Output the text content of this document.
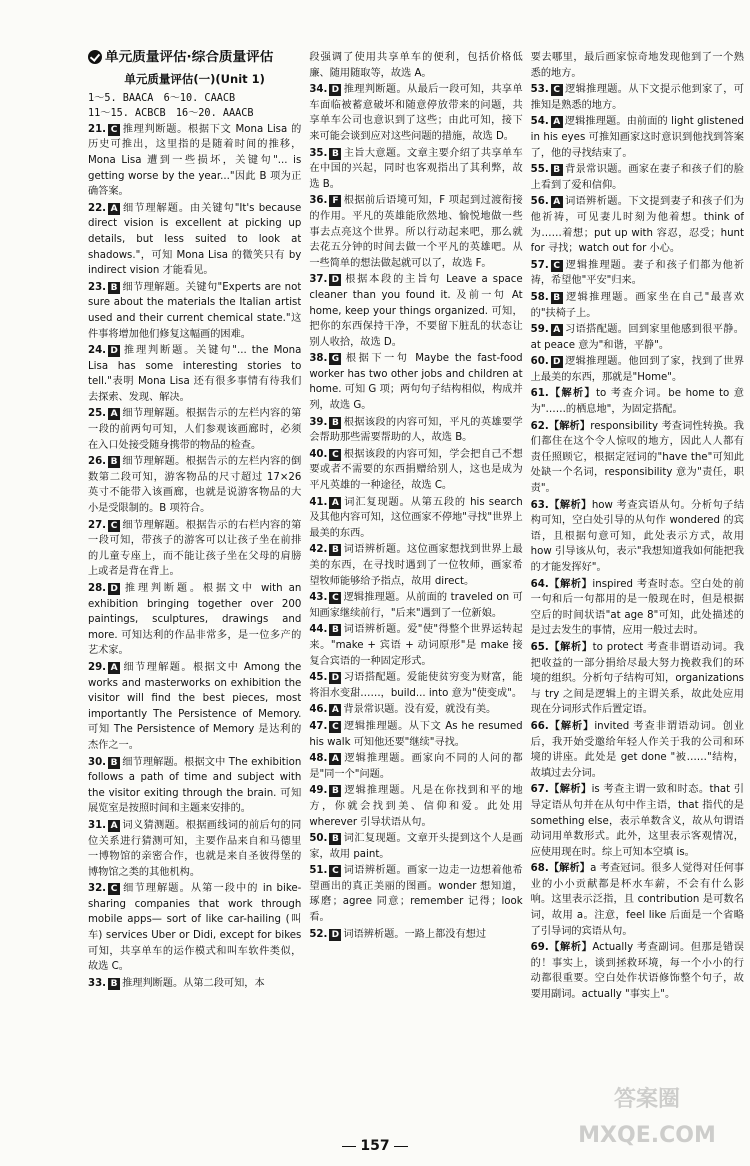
单元质量评估·综合质量评估
单元质量评估(一)(Unit 1)
1～5. BAACA　6～10. CAACB
11～15. ACBCB　16～20. AAACB

21. C 推理判断题。根据下文 Mona Lisa 的历史可推出，这里指的是随着时间的推移，Mona Lisa 遭到一些损坏，关键句"... is getting worse by the year..."因此 B 项为正确答案。

22. A 细节理解题。由关键句"It's because direct vision is excellent at picking up details, but less suited to look at shadows."，可知 Mona Lisa 的微笑只有 by indirect vision 才能看见。

23. B 细节理解题。关键句"Experts are not sure about the materials the Italian artist used and their current chemical state."这件事将增加他们修复这幅画的困难。

24. D 推理判断题。关键句"... the Mona Lisa has some interesting stories to tell."表明 Mona Lisa 还有很多事情有待我们去探索、发现、解决。

25. A 细节理解题。根据告示的左栏内容的第一段的前两句可知，人们参观该画廊时，必须在入口处接受随身携带的物品的检查。

26. B 细节理解题。根据告示的左栏内容的倒数第二段可知，游客物品的尺寸超过 17×26 英寸不能带入该画廊，也就是说游客物品的大小是受限制的。B 项符合。

27. C 细节理解题。根据告示的右栏内容的第一段可知，带孩子的游客可以让孩子坐在前排的儿童专座上，而不能让孩子坐在父母的肩膀上或者是背在背上。

28. D 推理判断题。根据文中 with an exhibition bringing together over 200 paintings, sculptures, drawings and more. 可知达利的作品非常多，是一位多产的艺术家。

29. A 细节理解题。根据文中 Among the works and masterworks on exhibition the visitor will find the best pieces, most importantly The Persistence of Memory. 可知 The Persistence of Memory 是达利的杰作之一。

30. B 细节理解题。根据文中 The exhibition follows a path of time and subject with the visitor exiting through the brain. 可知展览室是按照时间和主题来安排的。

31. A 词义猜测题。根据画线词的前后句的同位关系进行猜测可知，主要作品来自和马德里一博物馆的亲密合作，也就是来自圣彼得堡的博物馆之类的其他机构。

32. C 细节理解题。从第一段中的 in bike-sharing companies that work through mobile apps— sort of like car-hailing (叫车) services Uber or Didi, except for bikes 可知，共享单车的运作模式和叫车软件类似，故选 C。

33. B 推理判断题。从第二段可知，本

段强调了使用共享单车的便利，包括价格低廉、随用随取等，故选 A。

34. D 推理判断题。从最后一段可知，共享单车面临被蓄意破坏和随意停放带来的问题，共享单车公司也意识到了这些；由此可知，接下来可能会谈到应对这些问题的措施，故选 D。

35. B 主旨大意题。文章主要介绍了共享单车在中国的兴起，同时也客观指出了其利弊，故选 B。

36. F 根据前后语境可知，F 项起到过渡衔接的作用。平凡的英雄能欣然地、愉悦地做一些事去点亮这个世界。所以行动起来吧，那么就去花五分钟的时间去做一个平凡的英雄吧。从一些简单的想法做起就可以了，故选 F。

37. D 根据本段的主旨句 Leave a space cleaner than you found it. 及前一句 At home, keep your things organized. 可知，把你的东西保持干净，不要留下脏乱的状态让别人收拾，故选 D。

38. G 根据下一句 Maybe the fast-food worker has two other jobs and children at home. 可知 G 项；两句句子结构相似，构成并列，故选 G。

39. B 根据该段的内容可知，平凡的英雄要学会帮助那些需要帮助的人，故选 B。

40. C 根据该段的内容可知，学会把自己不想要或者不需要的东西捐赠给别人，这也是成为平凡英雄的一种途径，故选 C。

41. A 词汇复现题。从第五段的 his search 及其他内容可知，这位画家不停地"寻找"世界上最美的东西。

42. B 词语辨析题。这位画家想找到世界上最美的东西，在寻找时遇到了一位牧师，画家希望牧师能够给予指点，故用 direct。

43. C 逻辑推理题。从前面的 traveled on 可知画家继续前行，"后来"遇到了一位新娘。

44. B 词语辨析题。爱"使"得整个世界运转起来。"make + 宾语 + 动词原形"是 make 接复合宾语的一种固定形式。

45. D 习语搭配题。爱能使贫穷变为财富，能将泪水变甜……，build... into 意为"使变成"。

46. A 背景常识题。没有爱，就没有美。

47. C 逻辑推理题。从下文 As he resumed his walk 可知他还要"继续"寻找。

48. A 逻辑推理题。画家向不同的人问的都是"同一个"问题。

49. B 逻辑推理题。凡是在你找到和平的地方，你就会找到美、信仰和爱。此处用 wherever 引导状语从句。

50. B 词汇复现题。文章开头提到这个人是画家，故用 paint。

51. C 词语辨析题。画家一边走一边想着他希望画出的真正美丽的图画。wonder 想知道，琢磨；agree 同意；remember 记得；look 看。

52. D 词语辨析题。一路上都没有想过

要去哪里，最后画家惊奇地发现他到了一个熟悉的地方。

53. C 逻辑推理题。从下文提示他到家了，可推知是熟悉的地方。

54. A 逻辑推理题。由前面的 light glistened in his eyes 可推知画家这时意识到他找到答案了，他的寻找结束了。

55. B 背景常识题。画家在妻子和孩子们的脸上看到了爱和信仰。

56. A 词语辨析题。下文提到妻子和孩子们为他祈祷，可见妻儿时刻为他着想。think of 为……着想；put up with 容忍，忍受；hunt for 寻找；watch out for 小心。

57. C 逻辑推理题。妻子和孩子们都为他祈祷，希望他"平安"归来。

58. B 逻辑推理题。画家坐在自己"最喜欢的"扶椅子上。

59. A 习语搭配题。回到家里他感到很平静。at peace 意为"和谐，平静"。

60. D 逻辑推理题。他回到了家，找到了世界上最美的东西，那就是"Home"。

61.【解析】to 考查介词。be home to 意为"……的栖息地"，为固定搭配。

62.【解析】responsibility 考查词性转换。我们都住在这个令人惊叹的地方，因此人人都有责任照顾它，根据定冠词的"have the"可知此处缺一个名词，responsibility 意为"责任，职责"。

63.【解析】how 考查宾语从句。分析句子结构可知，空白处引导的从句作 wondered 的宾语，且根据句意可知，此处表示方式，故用 how 引导该从句，表示"我想知道我如何能把我的才能发挥好"。

64.【解析】inspired 考查时态。空白处的前一句和后一句都用的是一般现在时，但是根据空后的时间状语"at age 8"可知，此处描述的是过去发生的事情，应用一般过去时。

65.【解析】to protect 考查非谓语动词。我把收益的一部分捐给尽最大努力挽救我们的环境的组织。分析句子结构可知，organizations 与 try 之间是逻辑上的主谓关系，故此处应用现在分词形式作后置定语。

66.【解析】invited 考查非谓语动词。创业后，我开始受邀给年轻人作关于我的公司和环境的讲座。此处是 get done "被……"结构，故填过去分词。

67.【解析】is 考查主谓一致和时态。that 引导定语从句并在从句中作主语，that 指代的是 something else，表示单数含义，故从句谓语动词用单数形式。此外，这里表示客观情况，应使用现在时。综上可知本空填 is。

68.【解析】a 考查冠词。很多人觉得对任何事业的小小贡献都是杯水车薪，不会有什么影响。这里表示泛指，且 contribution 是可数名词，故用 a。注意，feel like 后面是一个省略了引导词的宾语从句。

69.【解析】Actually 考查副词。但那是错误的！事实上，谈到拯救环境，每一个小小的行动都很重要。空白处作状语修饰整个句子，故要用副词。actually "事实上"。

157
答案圈
MXQE.COM
